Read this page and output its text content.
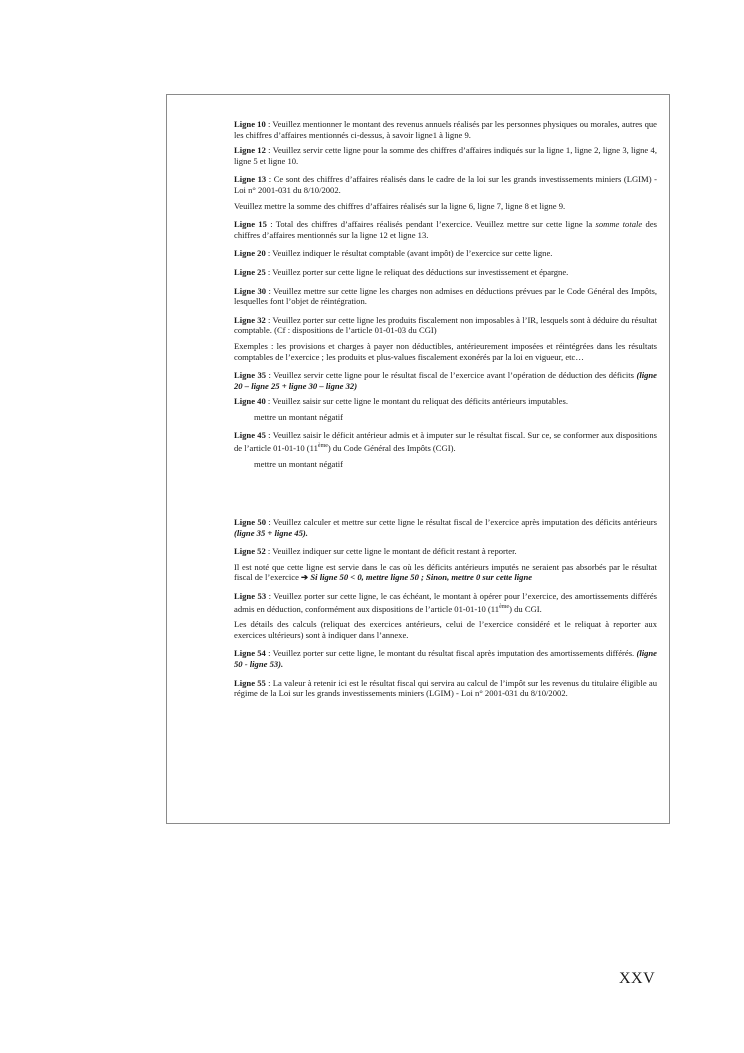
Ligne 10 : Veuillez mentionner le montant des revenus annuels réalisés par les personnes physiques ou morales, autres que les chiffres d’affaires mentionnés ci-dessus, à savoir ligne1 à ligne 9.

Ligne 12 : Veuillez servir cette ligne pour la somme des chiffres d’affaires indiqués sur la ligne 1, ligne 2, ligne 3, ligne 4, ligne 5 et ligne 10.

Ligne 13 : Ce sont des chiffres d’affaires réalisés dans le cadre de la loi sur les grands investissements miniers (LGIM) - Loi n° 2001-031 du 8/10/2002.

Veuillez mettre la somme des chiffres d’affaires réalisés sur la ligne 6, ligne 7, ligne 8 et ligne 9.

Ligne 15 : Total des chiffres d’affaires réalisés pendant l’exercice. Veuillez mettre sur cette ligne la somme totale des chiffres d’affaires mentionnés sur la ligne 12 et ligne 13.

Ligne 20 : Veuillez indiquer le résultat comptable (avant impôt) de l’exercice sur cette ligne.

Ligne 25 : Veuillez porter sur cette ligne le reliquat des déductions sur investissement et épargne.

Ligne 30 : Veuillez mettre sur cette ligne les charges non admises en déductions prévues par le Code Général des Impôts, lesquelles font l’objet de réintégration.

Ligne 32 : Veuillez porter sur cette ligne les produits fiscalement non imposables à l’IR, lesquels sont à déduire du résultat comptable. (Cf : dispositions de l’article 01-01-03 du CGI)

Exemples : les provisions et charges à payer non déductibles, antérieurement imposées et réintégrées dans les résultats comptables de l’exercice ; les produits et plus-values fiscalement exonérés par la loi en vigueur, etc…

Ligne 35 : Veuillez servir cette ligne pour le résultat fiscal de l’exercice avant l’opération de déduction des déficits (ligne 20 – ligne 25 + ligne 30 – ligne 32)

Ligne 40 : Veuillez saisir sur cette ligne le montant du reliquat des déficits antérieurs imputables.

mettre un montant négatif

Ligne 45 : Veuillez saisir le déficit antérieur admis et à imputer sur le résultat fiscal. Sur ce, se conformer aux dispositions de l’article 01-01-10 (11ème) du Code Général des Impôts (CGI).

mettre un montant négatif

Ligne 50 : Veuillez calculer et mettre sur cette ligne le résultat fiscal de l’exercice après imputation des déficits antérieurs (ligne 35 + ligne 45).

Ligne 52 : Veuillez indiquer sur cette ligne le montant de déficit restant à reporter.

Il est noté que cette ligne est servie dans le cas où les déficits antérieurs imputés ne seraient pas absorbés par le résultat fiscal de l’exercice ➔ Si ligne 50 < 0, mettre ligne 50 ; Sinon, mettre 0 sur cette ligne

Ligne 53 : Veuillez porter sur cette ligne, le cas échéant, le montant à opérer pour l’exercice, des amortissements différés admis en déduction, conformément aux dispositions de l’article 01-01-10 (11ème) du CGI.

Les détails des calculs (reliquat des exercices antérieurs, celui de l’exercice considéré et le reliquat à reporter aux exercices ultérieurs) sont à indiquer dans l’annexe.

Ligne 54 : Veuillez porter sur cette ligne, le montant du résultat fiscal après imputation des amortissements différés. (ligne 50 - ligne 53).

Ligne 55 : La valeur à retenir ici est le résultat fiscal qui servira au calcul de l’impôt sur les revenus du titulaire éligible au régime de la Loi sur les grands investissements miniers (LGIM) - Loi n° 2001-031 du 8/10/2002.

XXV
